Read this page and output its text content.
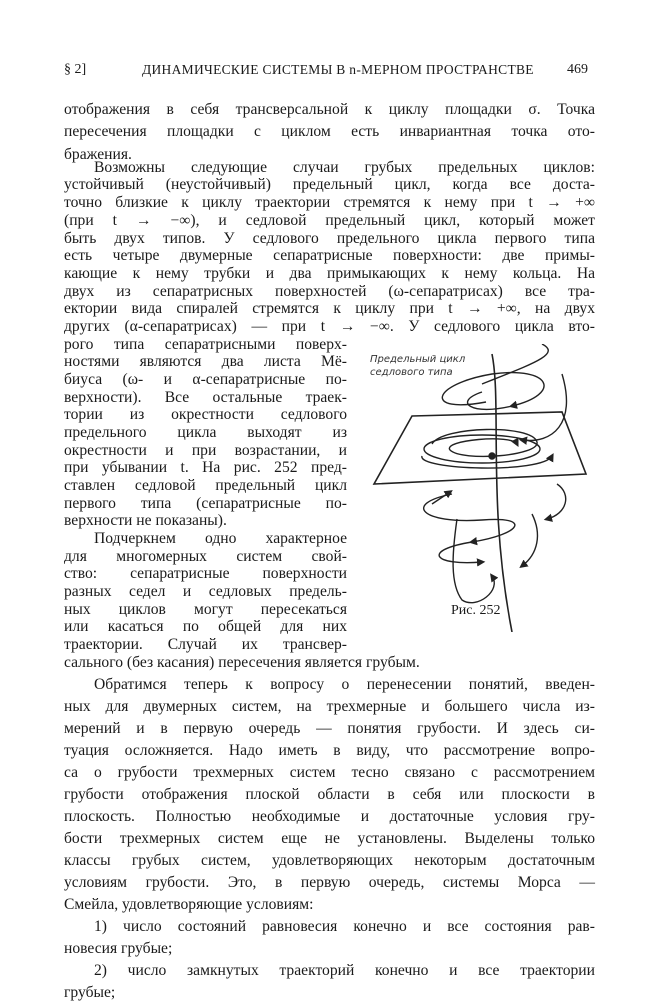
§ 2]	ДИНАМИЧЕСКИЕ СИСТЕМЫ В n-МЕРНОМ ПРОСТРАНСТВЕ 469
отображения в себя трансверсальной к циклу площадки σ. Точка
пересечения площадки с циклом есть инвариантная точка ото-
бражения.
Возможны следующие случаи грубых предельных циклов:
устойчивый (неустойчивый) предельный цикл, когда все доста-
точно близкие к циклу траектории стремятся к нему при t → +∞
(при t → −∞), и седловой предельный цикл, который может
быть двух типов. У седлового предельного цикла первого типа
есть четыре двумерные сепаратрисные поверхности: две примы-
кающие к нему трубки и два примыкающих к нему кольца. На
двух из сепаратрисных поверхностей (ω-сепаратрисах) все тра-
ектории вида спиралей стремятся к циклу при t → +∞, на двух
других (α-сепаратрисах) — при t → −∞. У седлового цикла вто-
рого типа сепаратрисными поверх-
ностями являются два листа Мё-
биуса (ω- и α-сепаратрисные по-
верхности). Все остальные траек-
тории из окрестности седлового
предельного цикла выходят из
окрестности и при возрастании, и
при убывании t. На рис. 252 пред-
ставлен седловой предельный цикл
первого типа (сепаратрисные по-
верхности не показаны).
Подчеркнем одно характерное
для многомерных систем свой-
ство: сепаратрисные поверхности
разных седел и седловых предель-
ных циклов могут пересекаться
или касаться по общей для них
траектории. Случай их трансвер-
сального (без касания) пересечения является грубым.
Обратимся теперь к вопросу о перенесении понятий, введен-
ных для двумерных систем, на трехмерные и большего числа из-
мерений и в первую очередь — понятия грубости. И здесь си-
туация осложняется. Надо иметь в виду, что рассмотрение вопро-
са о грубости трехмерных систем тесно связано с рассмотрением
грубости отображения плоской области в себя или плоскости в
плоскость. Полностью необходимые и достаточные условия гру-
бости трехмерных систем еще не установлены. Выделены только
классы грубых систем, удовлетворяющих некоторым достаточным
условиям грубости. Это, в первую очередь, системы Морса —
Смейла, удовлетворяющие условиям:
1) число состояний равновесия конечно и все состояния рав-
новесия грубые;
2) число замкнутых траекторий конечно и все траектории
грубые;
Предельный цикл
седлового типа
Рис. 252
